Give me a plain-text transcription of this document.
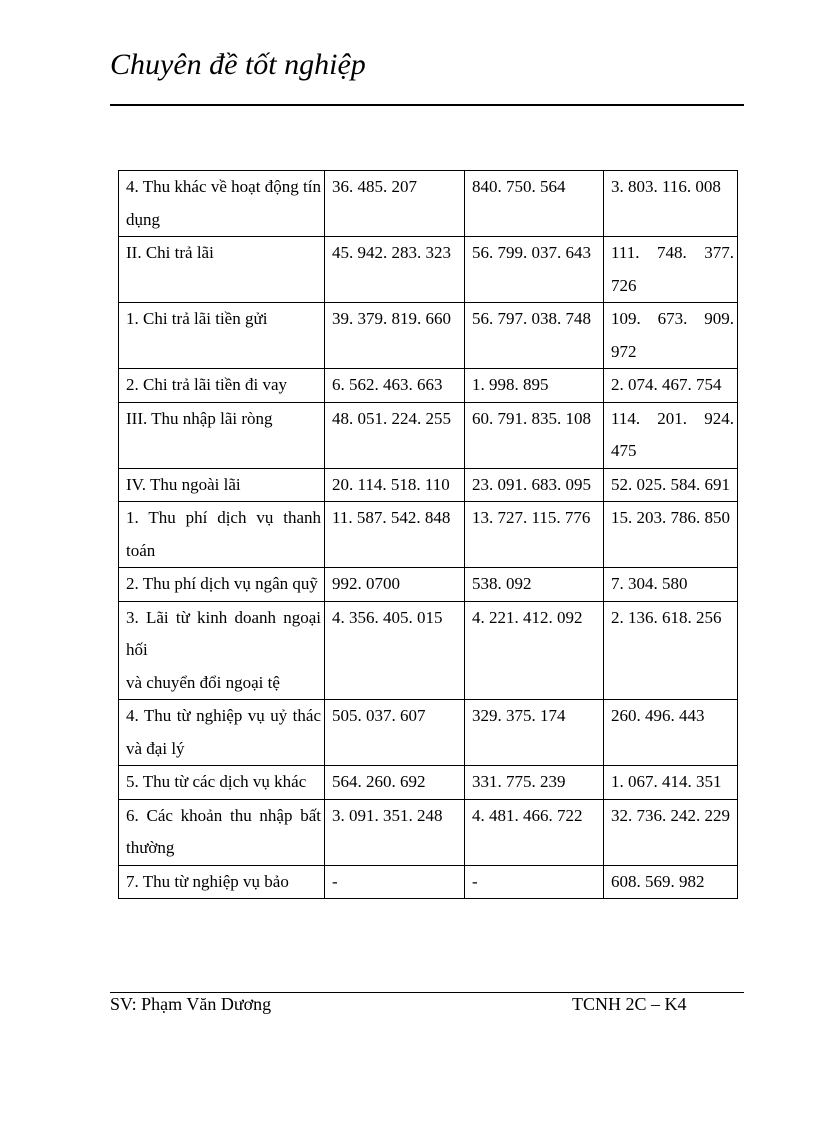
Chuyên đề tốt nghiệp
4. Thu khác về hoạt động tín dụng	36. 485. 207	840. 750. 564	3. 803. 116. 008

II. Chi trả lãi	45. 942. 283. 323	56. 799. 037. 643	111. 748. 377. 726

1. Chi trả lãi tiền gửi	39. 379. 819. 660	56. 797. 038. 748	109. 673. 909. 972

2. Chi trả lãi tiền đi vay	6. 562. 463. 663	1. 998. 895	2. 074. 467. 754

III. Thu nhập lãi ròng	48. 051. 224. 255	60. 791. 835. 108	114. 201. 924. 475

IV. Thu ngoài lãi	20. 114. 518. 110	23. 091. 683. 095	52. 025. 584. 691

1. Thu phí dịch vụ thanh toán	11. 587. 542. 848	13. 727. 115. 776	15. 203. 786. 850

2. Thu phí dịch vụ ngân quỹ	992. 0700	538. 092	7. 304. 580

3. Lãi từ kinh doanh ngoại hối
và chuyển đổi ngoại tệ	4. 356. 405. 015	4. 221. 412. 092	2. 136. 618. 256

4. Thu từ nghiệp vụ uỷ thác và đại lý	505. 037. 607	329. 375. 174	260. 496. 443

5. Thu từ các dịch vụ khác	564. 260. 692	331. 775. 239	1. 067. 414. 351

6. Các khoản thu nhập bất thường	3. 091. 351. 248	4. 481. 466. 722	32. 736. 242. 229

7. Thu từ nghiệp vụ bảo	-	-	608. 569. 982
SV: Phạm Văn Dương	TCNH 2C – K4
